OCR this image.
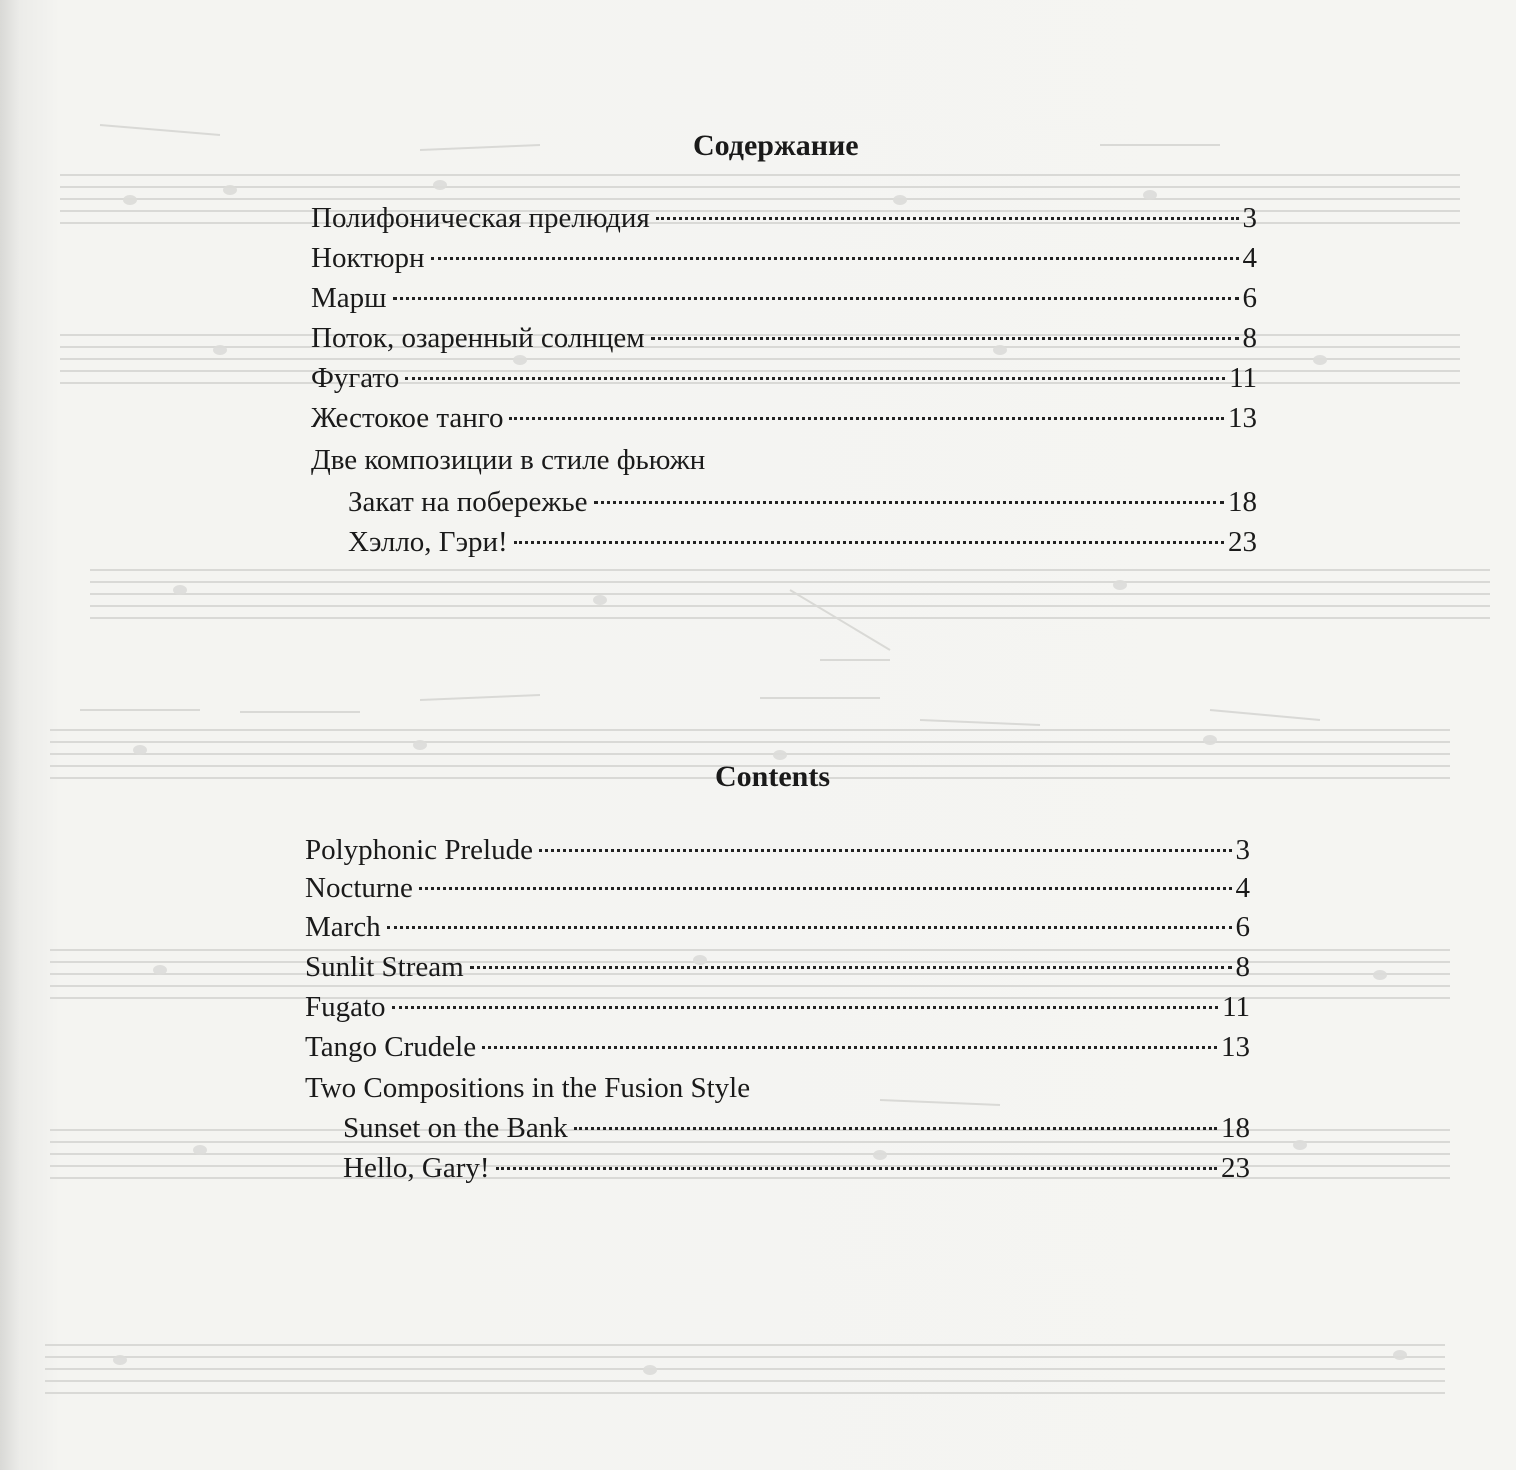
Содержание
Полифоническая прелюдия	3
Ноктюрн	4
Марш	6
Поток, озаренный солнцем	8
Фугато	11
Жестокое танго	13
Две композиции в стиле фьюжн
Закат на побережье	18
Хэлло, Гэри!	23
Contents
Polyphonic Prelude	3
Nocturne	4
March	6
Sunlit Stream	8
Fugato	11
Tango Crudele	13
Two Compositions in the Fusion Style
Sunset on the Bank	18
Hello, Gary!	23
